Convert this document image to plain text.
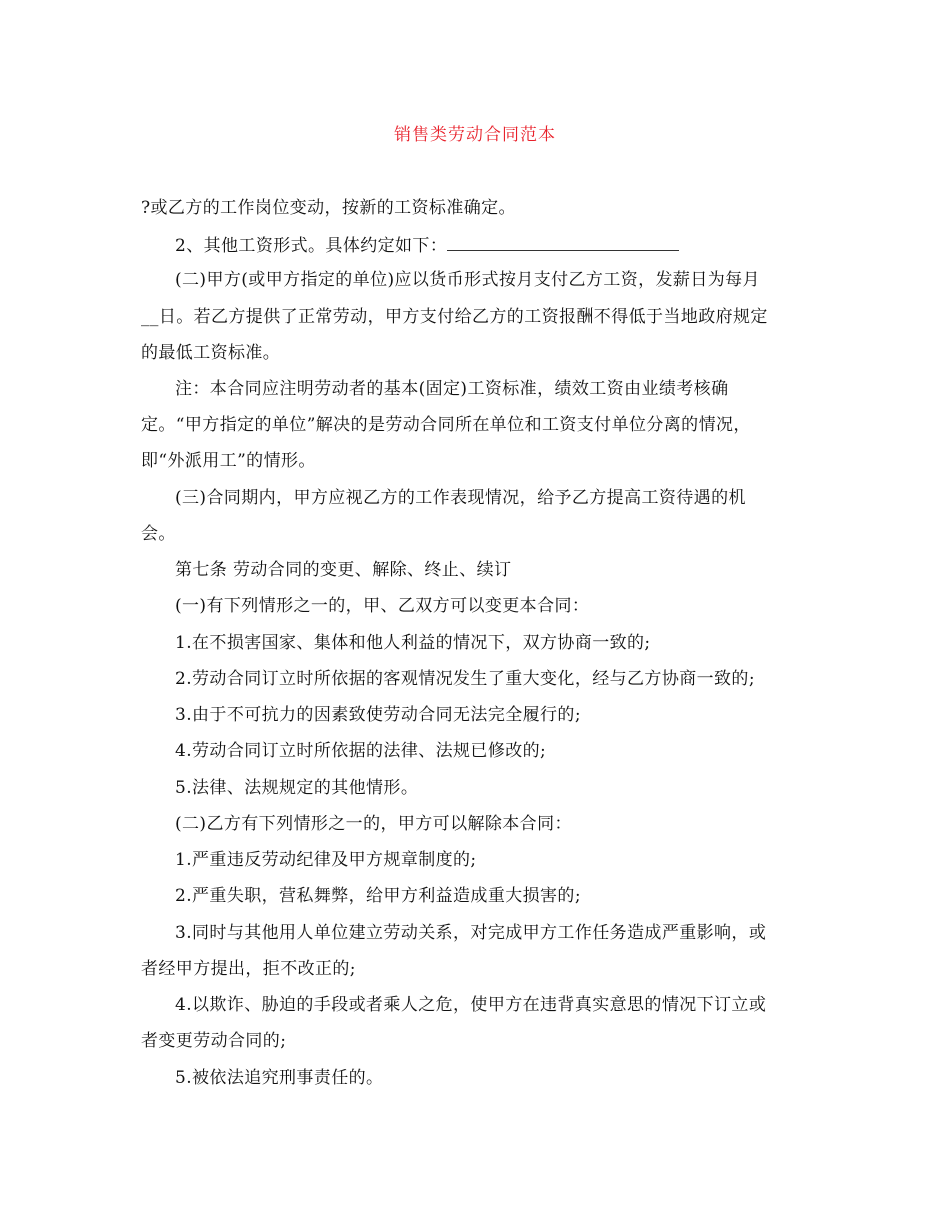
销售类劳动合同范本
?或乙方的工作岗位变动，按新的工资标准确定。
2、其他工资形式。具体约定如下：
(二)甲方(或甲方指定的单位)应以货币形式按月支付乙方工资，发薪日为每月
__日。若乙方提供了正常劳动，甲方支付给乙方的工资报酬不得低于当地政府规定
的最低工资标准。
注：本合同应注明劳动者的基本(固定)工资标准，绩效工资由业绩考核确
定。“甲方指定的单位”解决的是劳动合同所在单位和工资支付单位分离的情况，
即“外派用工”的情形。
(三)合同期内，甲方应视乙方的工作表现情况，给予乙方提高工资待遇的机
会。
第七条 劳动合同的变更、解除、终止、续订
(一)有下列情形之一的，甲、乙双方可以变更本合同：
1.在不损害国家、集体和他人利益的情况下，双方协商一致的;
2.劳动合同订立时所依据的客观情况发生了重大变化，经与乙方协商一致的;
3.由于不可抗力的因素致使劳动合同无法完全履行的;
4.劳动合同订立时所依据的法律、法规已修改的;
5.法律、法规规定的其他情形。
(二)乙方有下列情形之一的，甲方可以解除本合同：
1.严重违反劳动纪律及甲方规章制度的;
2.严重失职，营私舞弊，给甲方利益造成重大损害的;
3.同时与其他用人单位建立劳动关系，对完成甲方工作任务造成严重影响，或
者经甲方提出，拒不改正的;
4.以欺诈、胁迫的手段或者乘人之危，使甲方在违背真实意思的情况下订立或
者变更劳动合同的;
5.被依法追究刑事责任的。
